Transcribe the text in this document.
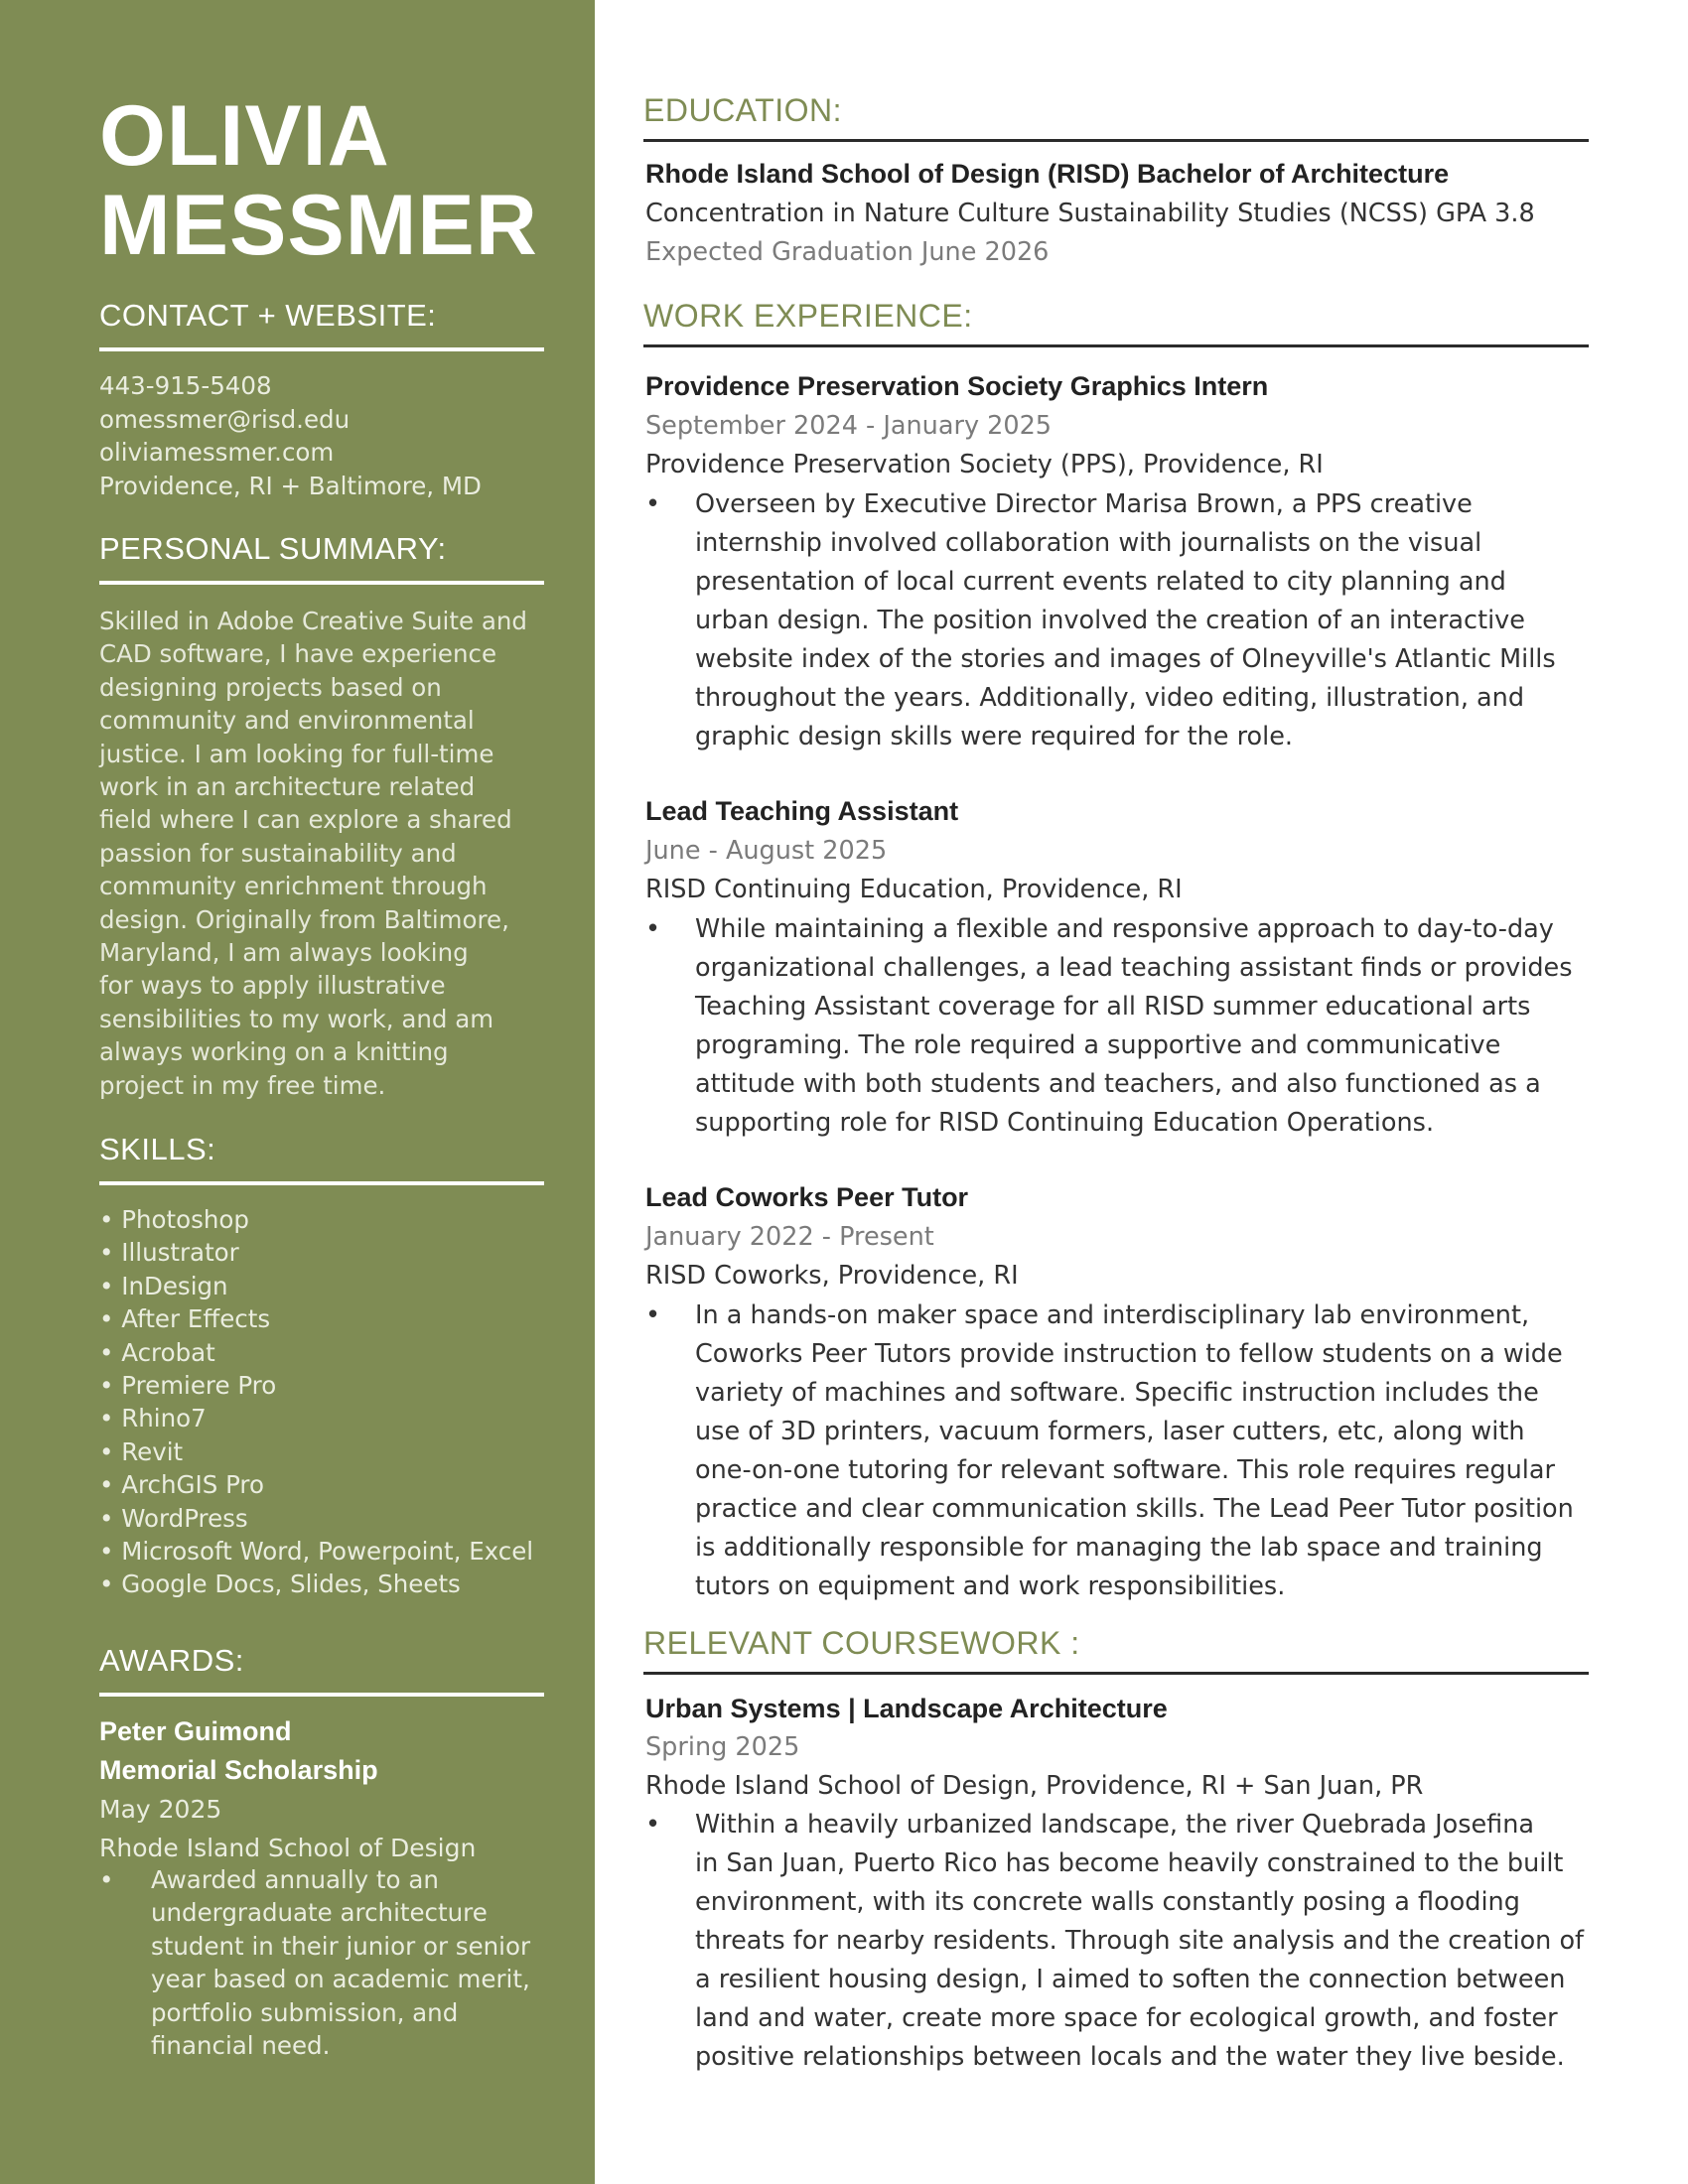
OLIVIA
MESSMER
CONTACT + WEBSITE:
443-915-5408
omessmer@risd.edu
oliviamessmer.com
Providence, RI + Baltimore, MD
PERSONAL SUMMARY:
Skilled in Adobe Creative Suite and
CAD software, I have experience
designing projects based on
community and environmental
justice. I am looking for full-time
work in an architecture related
field where I can explore a shared
passion for sustainability and
community enrichment through
design. Originally from Baltimore,
Maryland, I am always looking
for ways to apply illustrative
sensibilities to my work, and am
always working on a knitting
project in my free time.
SKILLS:
• Photoshop
• Illustrator
• InDesign
• After Effects
• Acrobat
• Premiere Pro
• Rhino7
• Revit
• ArchGIS Pro
• WordPress
• Microsoft Word, Powerpoint, Excel
• Google Docs, Slides, Sheets
AWARDS:
Peter Guimond
Memorial Scholarship
May 2025
Rhode Island School of Design
• Awarded annually to an
undergraduate architecture
student in their junior or senior
year based on academic merit,
portfolio submission, and
financial need.
EDUCATION:
Rhode Island School of Design (RISD) Bachelor of Architecture
Concentration in Nature Culture Sustainability Studies (NCSS) GPA 3.8
Expected Graduation June 2026
WORK EXPERIENCE:
Providence Preservation Society Graphics Intern
September 2024 - January 2025
Providence Preservation Society (PPS), Providence, RI
• Overseen by Executive Director Marisa Brown, a PPS creative
internship involved collaboration with journalists on the visual
presentation of local current events related to city planning and
urban design. The position involved the creation of an interactive
website index of the stories and images of Olneyville's Atlantic Mills
throughout the years. Additionally, video editing, illustration, and
graphic design skills were required for the role.
Lead Teaching Assistant
June - August 2025
RISD Continuing Education, Providence, RI
• While maintaining a flexible and responsive approach to day-to-day
organizational challenges, a lead teaching assistant finds or provides
Teaching Assistant coverage for all RISD summer educational arts
programing. The role required a supportive and communicative
attitude with both students and teachers, and also functioned as a
supporting role for RISD Continuing Education Operations.
Lead Coworks Peer Tutor
January 2022 - Present
RISD Coworks, Providence, RI
• In a hands-on maker space and interdisciplinary lab environment,
Coworks Peer Tutors provide instruction to fellow students on a wide
variety of machines and software. Specific instruction includes the
use of 3D printers, vacuum formers, laser cutters, etc, along with
one-on-one tutoring for relevant software. This role requires regular
practice and clear communication skills. The Lead Peer Tutor position
is additionally responsible for managing the lab space and training
tutors on equipment and work responsibilities.
RELEVANT COURSEWORK :
Urban Systems | Landscape Architecture
Spring 2025
Rhode Island School of Design, Providence, RI + San Juan, PR
• Within a heavily urbanized landscape, the river Quebrada Josefina
in San Juan, Puerto Rico has become heavily constrained to the built
environment, with its concrete walls constantly posing a flooding
threats for nearby residents. Through site analysis and the creation of
a resilient housing design, I aimed to soften the connection between
land and water, create more space for ecological growth, and foster
positive relationships between locals and the water they live beside.
